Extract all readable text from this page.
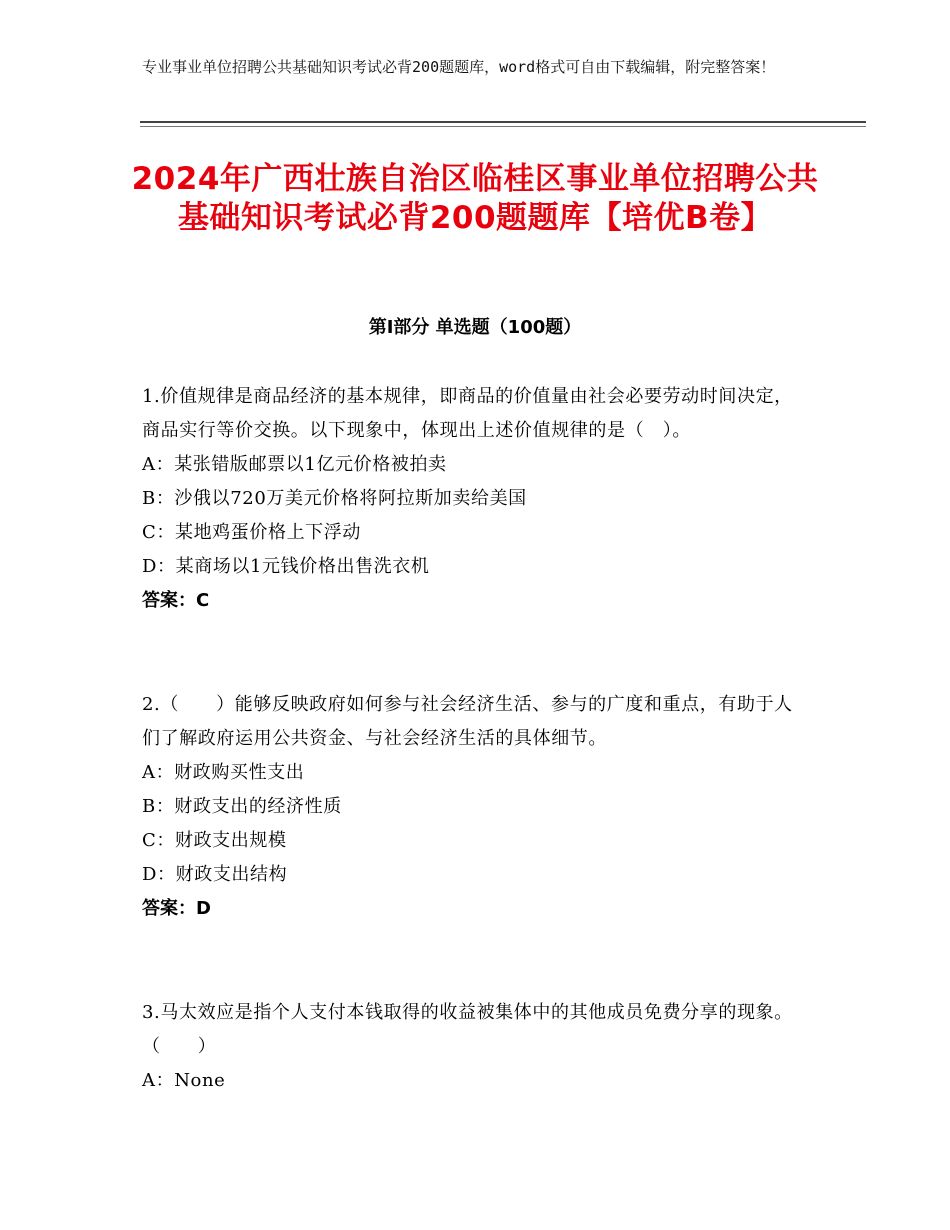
专业事业单位招聘公共基础知识考试必背200题题库，word格式可自由下载编辑，附完整答案！
2024年广西壮族自治区临桂区事业单位招聘公共基础知识考试必背200题题库【培优B卷】
第Ⅰ部分 单选题（100题）
1.价值规律是商品经济的基本规律，即商品的价值量由社会必要劳动时间决定，商品实行等价交换。以下现象中，体现出上述价值规律的是（　）。
A：某张错版邮票以1亿元价格被拍卖
B：沙俄以720万美元价格将阿拉斯加卖给美国
C：某地鸡蛋价格上下浮动
D：某商场以1元钱价格出售洗衣机
答案：C
2.（　　）能够反映政府如何参与社会经济生活、参与的广度和重点，有助于人们了解政府运用公共资金、与社会经济生活的具体细节。
A：财政购买性支出
B：财政支出的经济性质
C：财政支出规模
D：财政支出结构
答案：D
3.马太效应是指个人支付本钱取得的收益被集体中的其他成员免费分享的现象。（　　）
A：None
